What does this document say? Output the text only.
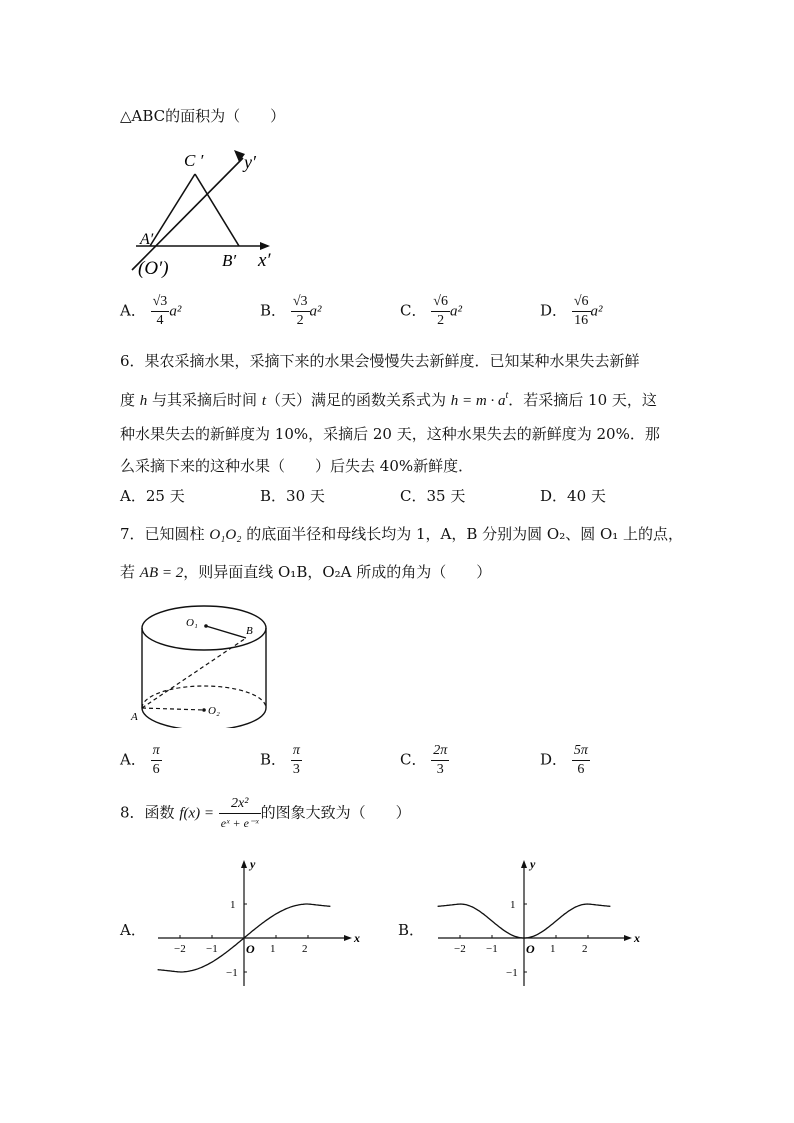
△ABC的面积为（　　）
C ′ y′
A′
(O′)	B′ x′
A． $\frac{√3}{4} a^2$	B． $\frac{√3}{2} a^2$	C． $\frac{√6}{2} a^2$	D． $\frac{√6}{16} a^2$
6．果农采摘水果，采摘下来的水果会慢慢失去新鲜度．已知某种水果失去新鲜
度 h 与其采摘后时间 t（天）满足的函数关系式为 $h = m \cdot a^t$．若采摘后 10 天，这
种水果失去的新鲜度为 10%，采摘后 20 天，这种水果失去的新鲜度为 20%．那
么采摘下来的这种水果（　　）后失去 40%新鲜度．
A．25 天	B．30 天	C．35 天	D．40 天
7．已知圆柱 O₁O₂ 的底面半径和母线长均为 1，A，B 分别为圆 O₂、圆 O₁ 上的点，
若 AB = 2，则异面直线 O₁B，O₂A 所成的角为（　　）
O₁
B
A	O₂
A． $\frac{\pi}{6}$	B． $\frac{\pi}{3}$	C． $\frac{2\pi}{3}$	D． $\frac{5\pi}{6}$
8．函数 $f(x) = \frac{\text{2x²}}{\text{eˣ + e⁻ˣ}}$ 的图象大致为（　　）
A．
−2 −1	1 2
1
−1
O
x
y
B．
−2 −1	1 2
1
−1
O
x
y
